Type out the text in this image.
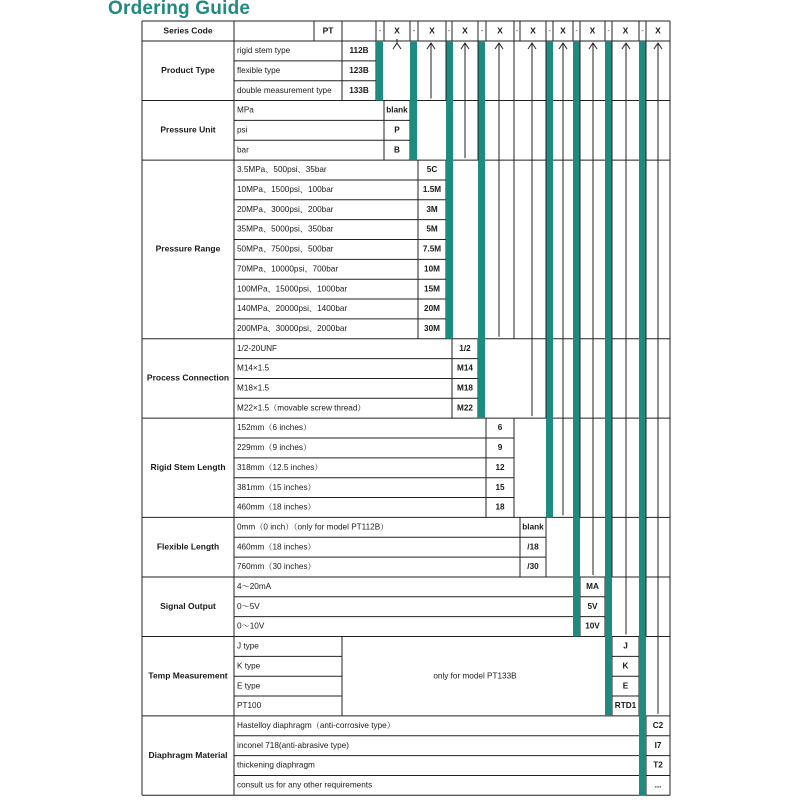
Ordering Guide
Series Code	PT	X	X	X	X	X	X	X	X	X
-	-	-	-	-	-	-	-	-
Product Type
rigid stem type	112B
flexible type	123B
double measurement type 133B
Pressure Unit
MPa	blank
psi	P
bar	B
Pressure Range
3.5MPa、500psi、35bar	5C
10MPa、1500psi、100bar	1.5M
20MPa、3000psi、200bar	3M
35MPa、5000psi、350bar	5M
50MPa、7500psi、500bar	7.5M
70MPa、10000psi、700bar	10M
100MPa、15000psi、1000bar	15M
140MPa、20000psi、1400bar	20M
200MPa、30000psi、2000bar	30M
Process Connection
1/2-20UNF	1/2
M14×1.5	M14
M18×1.5	M18
M22×1.5（movable screw thread）	M22
Rigid Stem Length
152mm（6 inches）	6
229mm（9 inches）	9
318mm（12.5 inches）	12
381mm（15 inches）	15
460mm（18 inches）	18
Flexible Length
0mm（0 inch）（only for model PT112B）	blank
460mm（18 inches）	/18
760mm（30 inches）	/30
Signal Output
4～20mA	MA
0～5V	5V
0～10V	10V
Temp Measurement
J type	J
K type	K
E type	E
PT100	RTD1
only for model PT133B
Diaphragm Material
Hastelloy diaphragm（anti-corrosive type）	C2
inconel 718(anti-abrasive type)	I7
thickening diaphragm	T2
consult us for any other requirements	...
